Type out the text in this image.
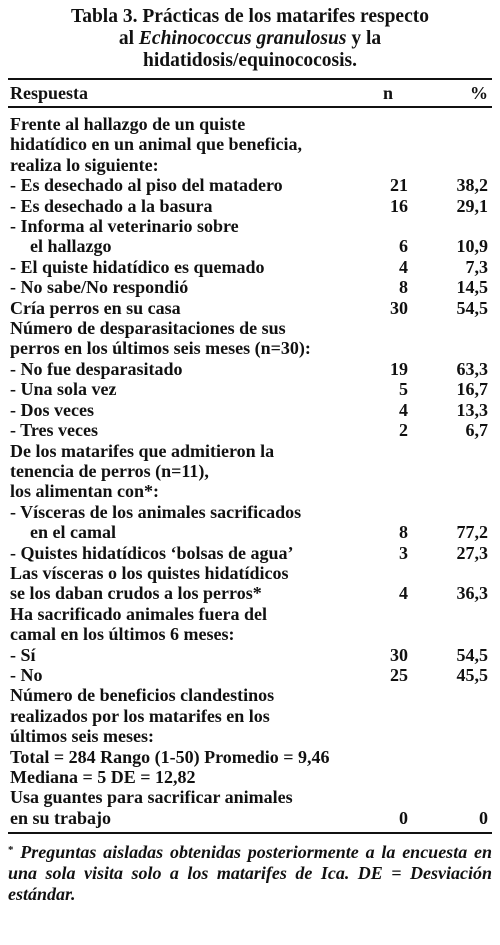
Tabla 3. Prácticas de los matarifes respecto
al Echinococcus granulosus y la
hidatidosis/equinococosis.
Respuesta	n	%
Frente al hallazgo de un quiste
hidatídico en un animal que beneficia,
realiza lo siguiente:
- Es desechado al piso del matadero	21	38,2
- Es desechado a la basura	16	29,1
- Informa al veterinario sobre
el hallazgo	6	10,9
- El quiste hidatídico es quemado	4	7,3
- No sabe/No respondió	8	14,5
Cría perros en su casa	30	54,5
Número de desparasitaciones de sus
perros en los últimos seis meses (n=30):
- No fue desparasitado	19	63,3
- Una sola vez	5	16,7
- Dos veces	4	13,3
- Tres veces	2	6,7
De los matarifes que admitieron la
tenencia de perros (n=11),
los alimentan con*:
- Vísceras de los animales sacrificados
en el camal	8	77,2
- Quistes hidatídicos ‘bolsas de agua’	3	27,3
Las vísceras o los quistes hidatídicos
se los daban crudos a los perros*	4	36,3
Ha sacrificado animales fuera del
camal en los últimos 6 meses:
- Sí	30	54,5
- No	25	45,5
Número de beneficios clandestinos
realizados por los matarifes en los
últimos seis meses:
Total = 284 Rango (1-50) Promedio = 9,46
Mediana = 5 DE = 12,82
Usa guantes para sacrificar animales
en su trabajo	0	0
* Preguntas aisladas obtenidas posteriormente a la encuesta en una sola visita solo a los matarifes de Ica. DE = Desviación estándar.
